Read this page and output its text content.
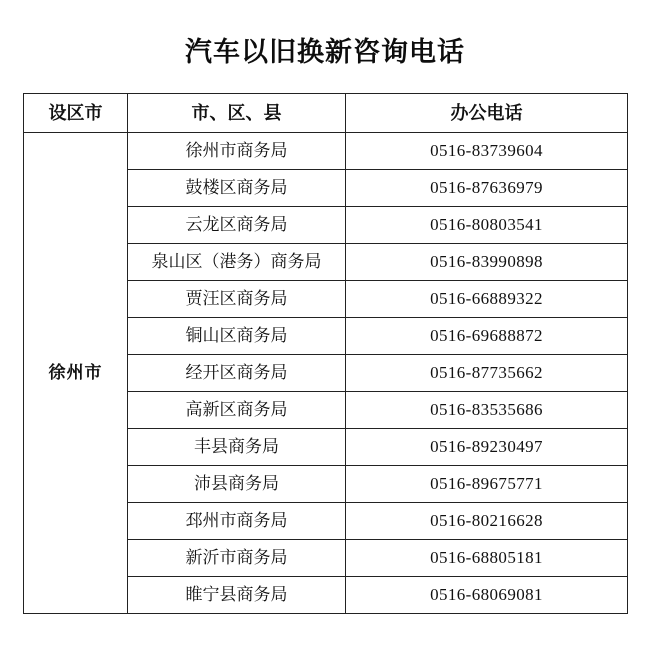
汽车以旧换新咨询电话
设区市	市、区、县	办公电话
徐州市	徐州市商务局	0516-83739604
	鼓楼区商务局	0516-87636979
	云龙区商务局	0516-80803541
	泉山区（港务）商务局	0516-83990898
	贾汪区商务局	0516-66889322
	铜山区商务局	0516-69688872
	经开区商务局	0516-87735662
	高新区商务局	0516-83535686
	丰县商务局	0516-89230497
	沛县商务局	0516-89675771
	邳州市商务局	0516-80216628
	新沂市商务局	0516-68805181
	睢宁县商务局	0516-68069081
